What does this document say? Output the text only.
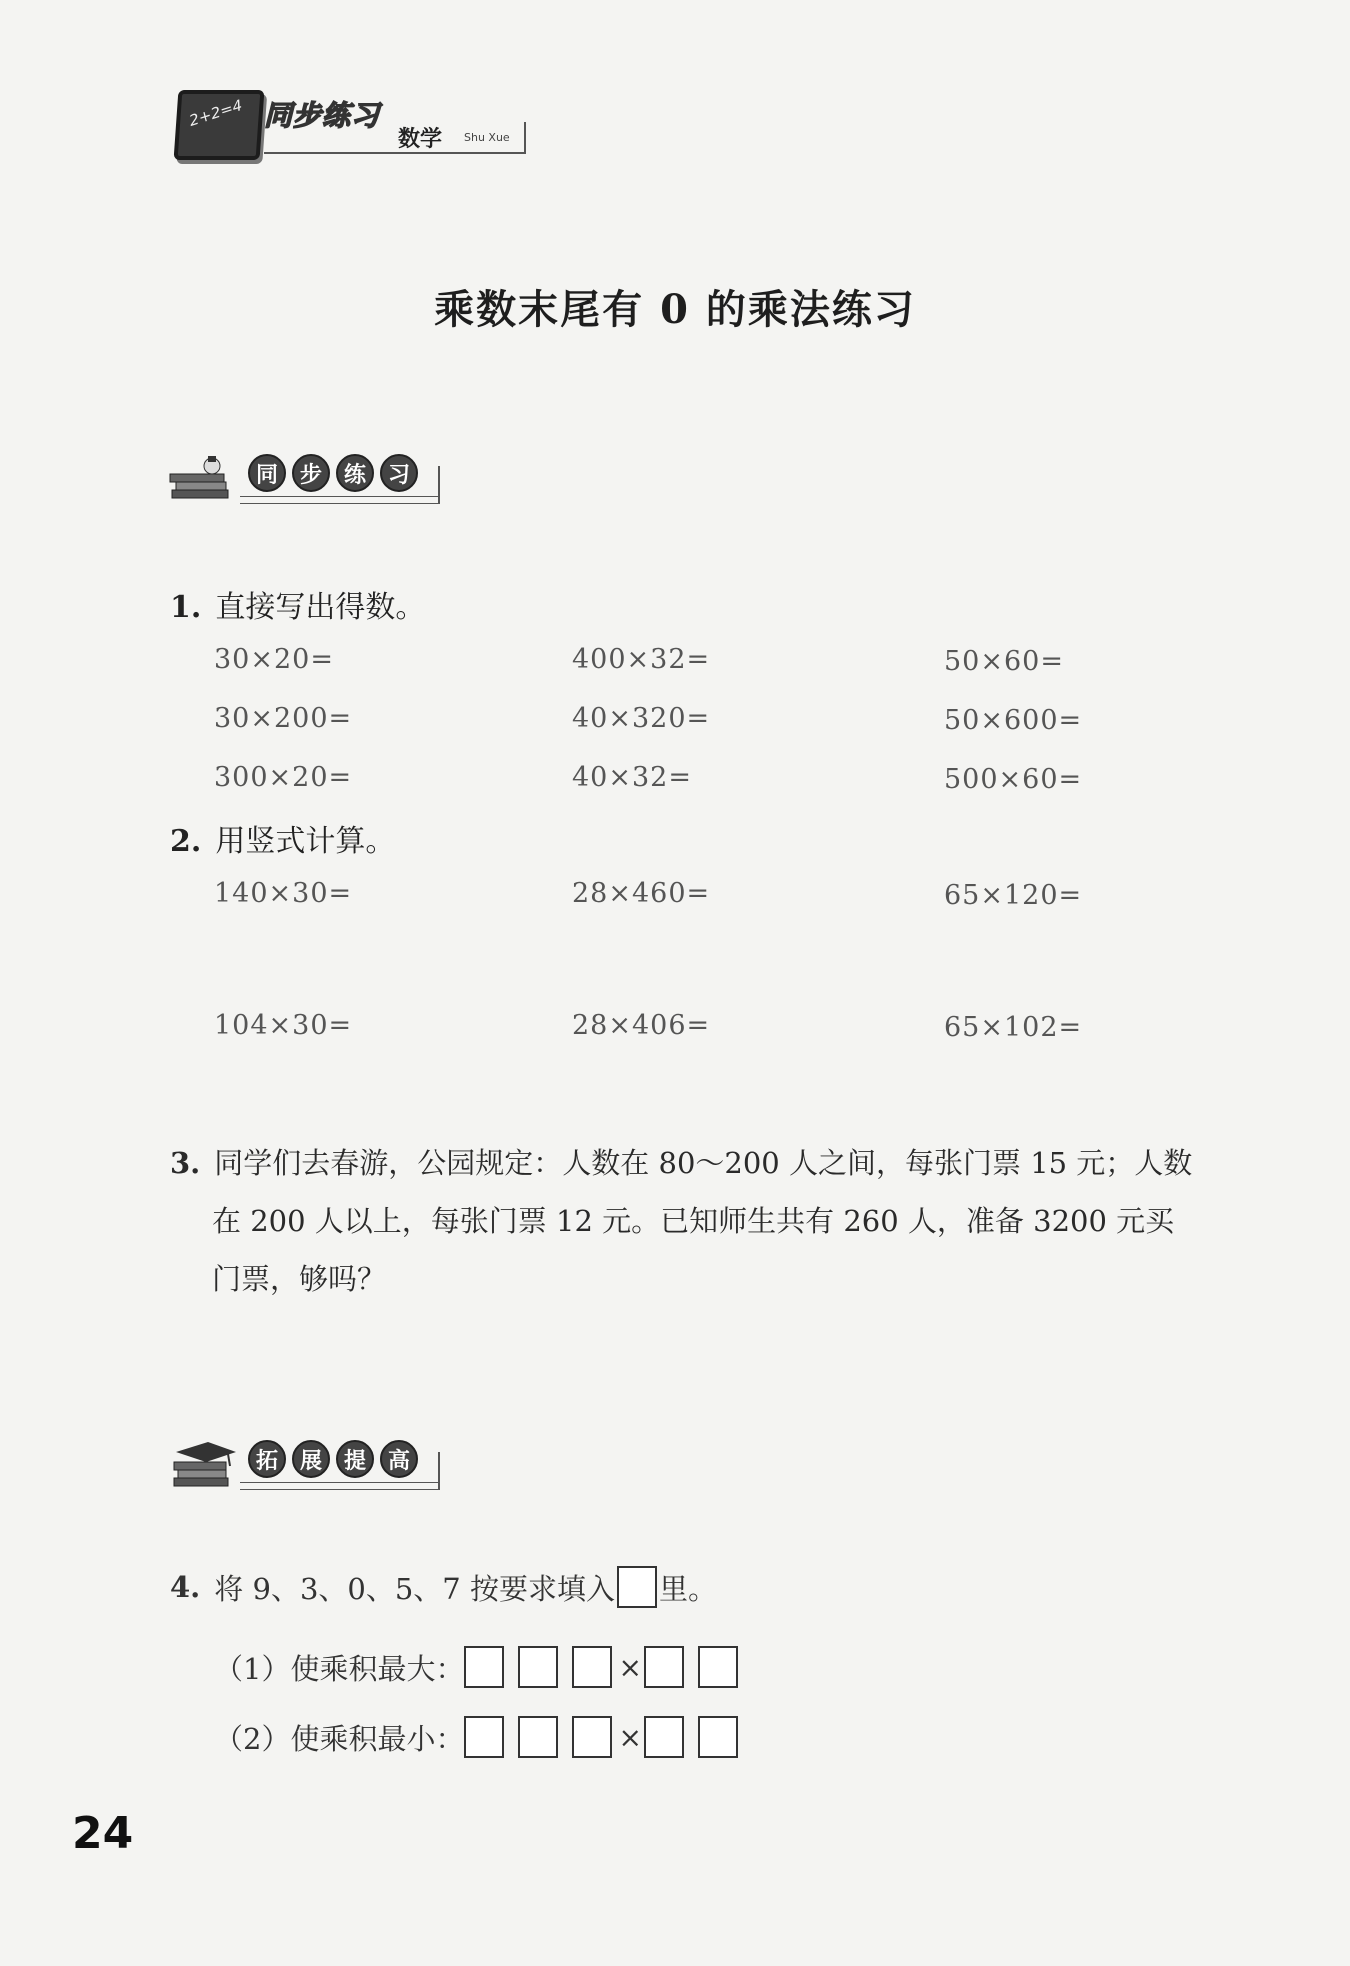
2+2=4 同步练习
数学 Shu Xue
乘数末尾有 0 的乘法练习
同 步 练 习
1. 直接写出得数。
30×20=	400×32=	50×60=
30×200=	40×320=	50×600=
300×20=	40×32=	500×60=
2. 用竖式计算。
140×30=	28×460=	65×120=
104×30=	28×406=	65×102=
3. 同学们去春游，公园规定：人数在 80～200 人之间，每张门票 15 元；人数
在 200 人以上，每张门票 12 元。已知师生共有 260 人，准备 3200 元买
门票，够吗？
拓 展 提 高
4. 将 9、3、0、5、7 按要求填入 里。
（1）使乘积最大：	×
（2）使乘积最小：	×
24
